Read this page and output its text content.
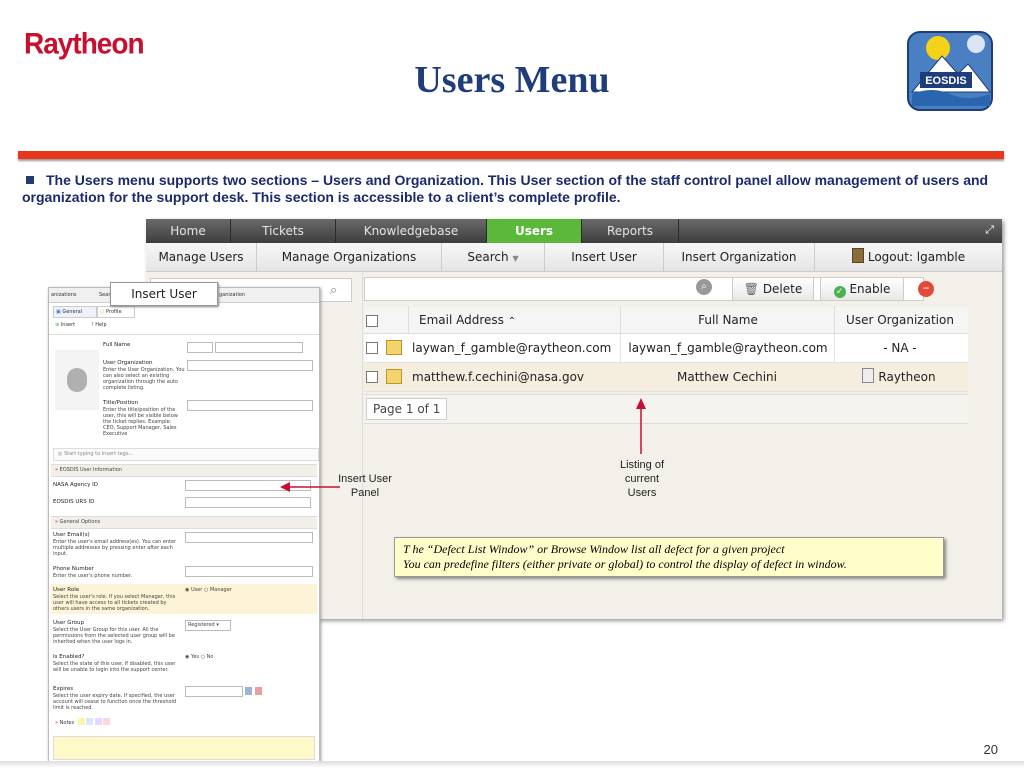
Raytheon
Users Menu	EOSDIS
The Users menu supports two sections – Users and Organization. This User section of the staff control panel allow management of users and organization for the support desk. This section is accessible to a client’s complete profile.
Home	Tickets	Knowledgebase	Users	Reports	⤢
Manage Users	Manage Organizations	Search ▼	Insert User	Insert Organization	Logout: lgamble
⌕	⌕	🗑 Delete	✓ Enable	−
Email Address ⌃	Full Name	User Organization
laywan_f_gamble@raytheon.com	laywan_f_gamble@raytheon.com	- NA -
matthew.f.cechini@nasa.gov	Matthew Cechini	Raytheon
Page 1 of 1
anizations	Sear	ganization
▣ General	○ Profile
⊕ Insert	? Help
Full Name
User Organization
Enter the User Organization. You can also select an existing organization through the auto complete listing.
Title/Position
Enter the title/position of the user, this will be visible below the ticket replies. Example: CEO, Support Manager, Sales Executive
◎ Start typing to insert tags...
» EOSDIS User Information
NASA Agency ID
EOSDIS URS ID
» General Options
User Email(s)
Enter the user's email address(es). You can enter multiple addresses by pressing enter after each input.
Phone Number
Enter the user's phone number.
User Role
Select the user's role. If you select Manager, this user will have access to all tickets created by others users in the same organization.
◉ User ○ Manager
User Group
Select the User Group for this user. All the permissions from the selected user group will be inherited when the user logs in.
Registered ▾
Is Enabled?
Select the state of this user. If disabled, this user will be unable to login into the support center.
◉ Yes ○ No
Expires
Select the user expiry date. If specified, the user account will cease to function once the threshold limit is reached.
» Notes
Insert User
Insert User
Panel
Listing of
current
Users
T he “Defect List Window” or Browse Window list all defect for a given project
You can predefine filters (either private or global) to control the display of defect in window.
20
